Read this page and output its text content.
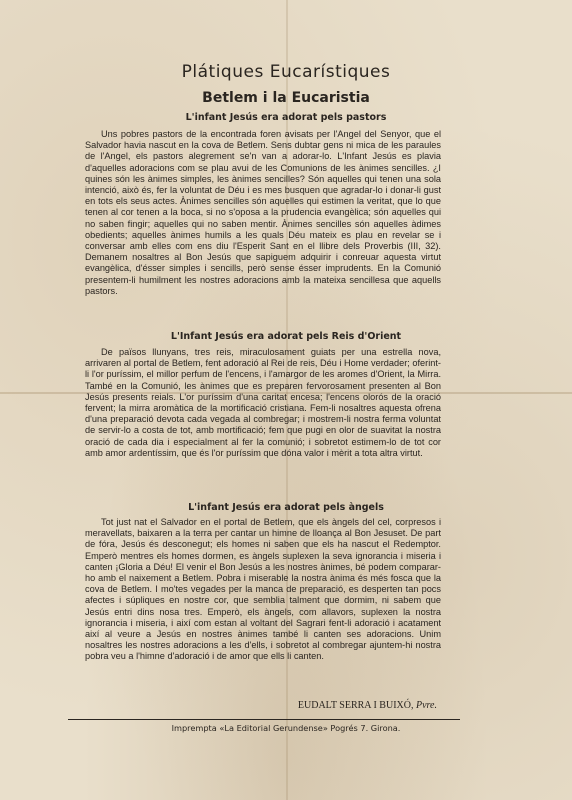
Plátiques Eucarístiques
Betlem i la Eucaristia
L'infant Jesús era adorat pels pastors

Uns pobres pastors de la encontrada foren avisats per l'Angel del Senyor, que el Salvador havia nascut en la cova de Betlem. Sens dubtar gens ni mica de les paraules de l'Angel, els pastors alegrement se'n van a adorar-lo. L'Infant Jesús es plavia d'aquelles adoracions com se plau avui de les Comunions de les ànimes sencilles. ¿I quines són les ànimes simples, les ànimes sencilles? Són aquelles qui tenen una sola intenció, això és, fer la voluntat de Déu i es mes busquen que agradar-lo i donar-li gust en tots els seus actes. Ànimes sencilles són aquelles qui estimen la veritat, que lo que tenen al cor tenen a la boca, si no s'oposa a la prudencia evangèlica; són aquelles qui no saben fingir; aquelles qui no saben mentir. Ànimes sencilles són aquelles àdimes obedients; aquelles ànimes humils a les quals Déu mateix es plau en revelar se i conversar amb elles com ens diu l'Esperit Sant en el llibre dels Proverbis (III, 32). Demanem nosaltres al Bon Jesús que sapiguem adquirir i conreuar aquesta virtut evangèlica, d'ésser simples i sencills, però sense ésser imprudents. En la Comunió presentem-li humilment les nostres adoracions amb la mateixa sencillesa que aquells pastors.

L'Infant Jesús era adorat pels Reis d'Orient

De països llunyans, tres reis, miraculosament guiats per una estrella nova, arrivaren al portal de Betlem, fent adoració al Rei de reis, Déu i Home verdader; oferint-li l'or puríssim, el millor perfum de l'encens, i l'amargor de les aromes d'Orient, la Mirra. També en la Comunió, les ànimes que es preparen fervorosament presenten al Bon Jesús presents reials. L'or puríssim d'una caritat encesa; l'encens olorós de la oració fervent; la mirra aromàtica de la mortificació cristiana. Fem-li nosaltres aquesta ofrena d'una preparació devota cada vegada al combregar; i mostrem-li nostra ferma voluntat de servir-lo a costa de tot, amb mortificació; fem que pugi en olor de suavitat la nostra oració de cada dia i especialment al fer la comunió; i sobretot estimem-lo de tot cor amb amor ardentíssim, que és l'or puríssim que dóna valor i mèrit a tota altra virtut.

L'infant Jesús era adorat pels àngels

Tot just nat el Salvador en el portal de Betlem, que els àngels del cel, corpresos i meravellats, baixaren a la terra per cantar un himne de lloança al Bon Jesuset. De part de fóra, Jesús és desconegut; els homes ni saben que els ha nascut el Redemptor. Emperò mentres els homes dormen, es àngels suplexen la seva ignorancia i miseria i canten ¡Gloria a Déu! El venir el Bon Jesús a les nostres ànimes, bé podem comparar-ho amb el naixement a Betlem. Pobra i miserable la nostra ànima és més fosca que la cova de Betlem. I mo'tes vegades per la manca de preparació, es desperten tan pocs afectes i súpliques en nostre cor, que semblia talment que dormim, ni sabem que Jesús entri dins nosa tres. Emperò, els àngels, com allavors, suplexen la nostra ignorancia i miseria, i així com estan al voltant del Sagrari fent-li adoració i acatament així al veure a Jesús en nostres ànimes també li canten ses adoracions. Unim nosaltres les nostres adoracions a les d'ells, i sobretot al combregar ajuntem-hi nostra pobra veu a l'himne d'adoració i de amor que ells li canten.

EUDALT SERRA I BUIXÓ, Pvre.
Imprempta «La Editorial Gerundense» Pogrés 7. Girona.
